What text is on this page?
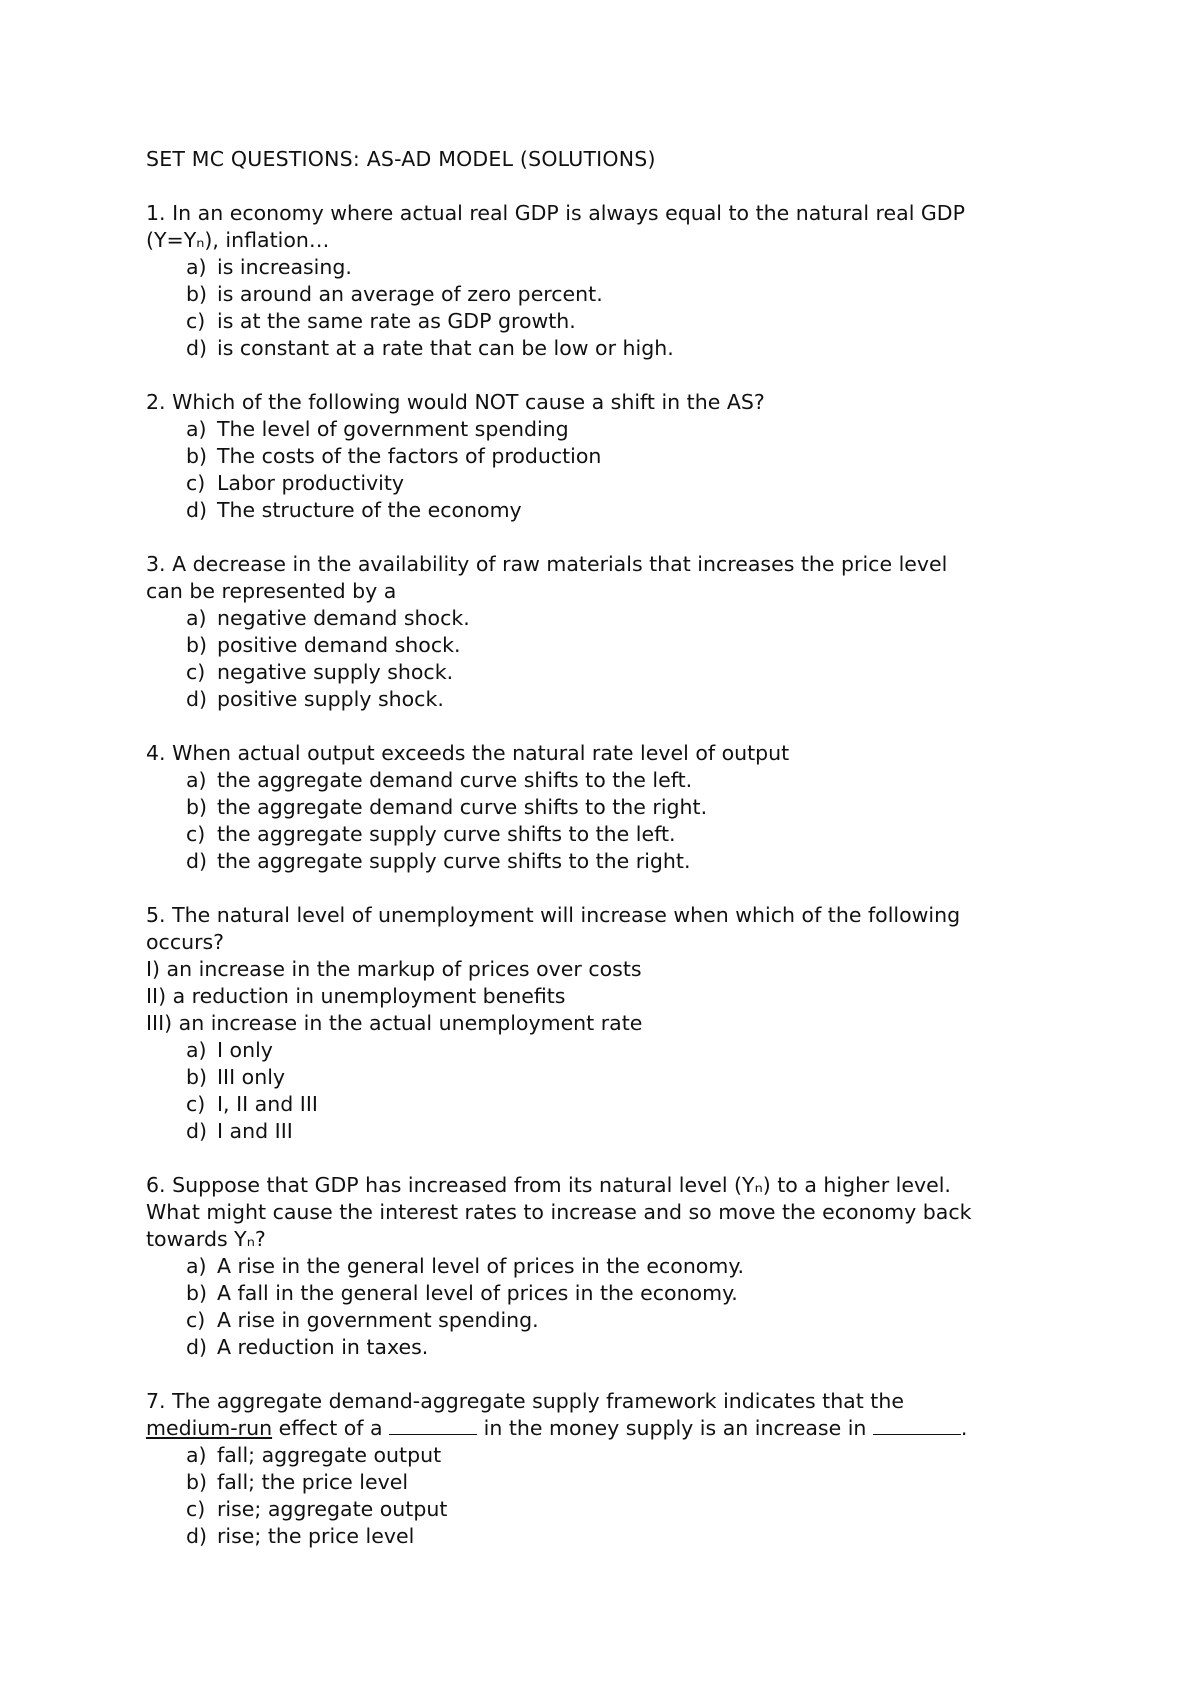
SET MC QUESTIONS: AS-AD MODEL (SOLUTIONS)
1. In an economy where actual real GDP is always equal to the natural real GDP
(Y=Yₙ), inflation…
a) is increasing.
b) is around an average of zero percent.
c) is at the same rate as GDP growth.
d) is constant at a rate that can be low or high.
2. Which of the following would NOT cause a shift in the AS?
a) The level of government spending
b) The costs of the factors of production
c) Labor productivity
d) The structure of the economy
3. A decrease in the availability of raw materials that increases the price level
can be represented by a
a) negative demand shock.
b) positive demand shock.
c) negative supply shock.
d) positive supply shock.
4. When actual output exceeds the natural rate level of output
a) the aggregate demand curve shifts to the left.
b) the aggregate demand curve shifts to the right.
c) the aggregate supply curve shifts to the left.
d) the aggregate supply curve shifts to the right.
5. The natural level of unemployment will increase when which of the following
occurs?
I) an increase in the markup of prices over costs
II) a reduction in unemployment benefits
III) an increase in the actual unemployment rate
a) I only
b) III only
c) I, II and III
d) I and III
6. Suppose that GDP has increased from its natural level (Yₙ) to a higher level.
What might cause the interest rates to increase and so move the economy back
towards Yₙ?
a) A rise in the general level of prices in the economy.
b) A fall in the general level of prices in the economy.
c) A rise in government spending.
d) A reduction in taxes.
7. The aggregate demand-aggregate supply framework indicates that the
medium-run effect of a	in the money supply is an increase in	.
a) fall; aggregate output
b) fall; the price level
c) rise; aggregate output
d) rise; the price level
